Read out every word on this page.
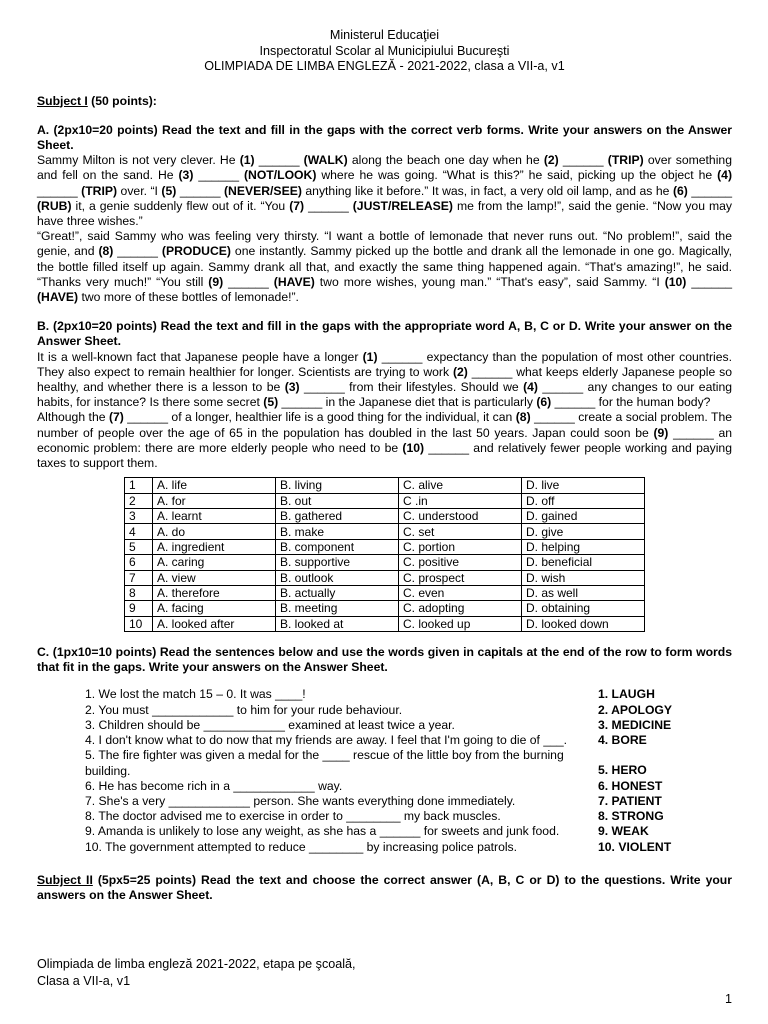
Ministerul Educaţiei
Inspectoratul Scolar al Municipiului Bucureşti
OLIMPIADA DE LIMBA ENGLEZĂ - 2021-2022, clasa a VII-a, v1
Subject I (50 points):
A. (2px10=20 points) Read the text and fill in the gaps with the correct verb forms. Write your answers on the Answer Sheet.
Sammy Milton is not very clever. He (1) ______ (WALK) along the beach one day when he (2) ______ (TRIP) over something and fell on the sand. He (3) ______ (NOT/LOOK) where he was going. “What is this?” he said, picking up the object he (4) ______ (TRIP) over. “I (5) ______ (NEVER/SEE) anything like it before.” It was, in fact, a very old oil lamp, and as he (6) ______ (RUB) it, a genie suddenly flew out of it. “You (7) ______ (JUST/RELEASE) me from the lamp!”, said the genie. “Now you may have three wishes.”
“Great!”, said Sammy who was feeling very thirsty. “I want a bottle of lemonade that never runs out. “No problem!”, said the genie, and (8) ______ (PRODUCE) one instantly. Sammy picked up the bottle and drank all the lemonade in one go. Magically, the bottle filled itself up again. Sammy drank all that, and exactly the same thing happened again. “That's amazing!”, he said. “Thanks very much!” “You still (9) ______ (HAVE) two more wishes, young man.” “That's easy”, said Sammy. “I (10) ______ (HAVE) two more of these bottles of lemonade!”.
B. (2px10=20 points) Read the text and fill in the gaps with the appropriate word A, B, C or D. Write your answer on the Answer Sheet.
It is a well-known fact that Japanese people have a longer (1) ______ expectancy than the population of most other countries. They also expect to remain healthier for longer. Scientists are trying to work (2) ______ what keeps elderly Japanese people so healthy, and whether there is a lesson to be (3) ______ from their lifestyles. Should we (4) ______ any changes to our eating habits, for instance? Is there some secret (5) ______ in the Japanese diet that is particularly (6) ______ for the human body?
Although the (7) ______ of a longer, healthier life is a good thing for the individual, it can (8) ______ create a social problem. The number of people over the age of 65 in the population has doubled in the last 50 years. Japan could soon be (9) ______ an economic problem: there are more elderly people who need to be (10) ______ and relatively fewer people working and paying taxes to support them.
1	A. life	B. living	C. alive	D. live
2	A. for	B. out	C .in	D. off
3	A. learnt	B. gathered	C. understood	D. gained
4	A. do	B. make	C. set	D. give
5	A. ingredient	B. component	C. portion	D. helping
6	A. caring	B. supportive	C. positive	D. beneficial
7	A. view	B. outlook	C. prospect	D. wish
8	A. therefore	B. actually	C. even	D. as well
9	A. facing	B. meeting	C. adopting	D. obtaining
10	A. looked after	B. looked at	C. looked up	D. looked down
C. (1px10=10 points) Read the sentences below and use the words given in capitals at the end of the row to form words that fit in the gaps. Write your answers on the Answer Sheet.
1. We lost the match 15 – 0. It was ____!	1. LAUGH
2. You must ____________ to him for your rude behaviour.	2. APOLOGY
3. Children should be ____________ examined at least twice a year.	3. MEDICINE
4. I don't know what to do now that my friends are away. I feel that I'm going to die of ___.	4. BORE
5. The fire fighter was given a medal for the ____ rescue of the little boy from the burning building.	5. HERO
6. He has become rich in a ____________ way.	6. HONEST
7. She's a very ____________ person. She wants everything done immediately.	7. PATIENT
8. The doctor advised me to exercise in order to ________ my back muscles.	8. STRONG
9. Amanda is unlikely to lose any weight, as she has a ______ for sweets and junk food.	9. WEAK
10. The government attempted to reduce ________ by increasing police patrols.	10. VIOLENT
Subject II (5px5=25 points) Read the text and choose the correct answer (A, B, C or D) to the questions. Write your answers on the Answer Sheet.
Olimpiada de limba engleză 2021-2022, etapa pe şcoală,
Clasa a VII-a, v1
1
